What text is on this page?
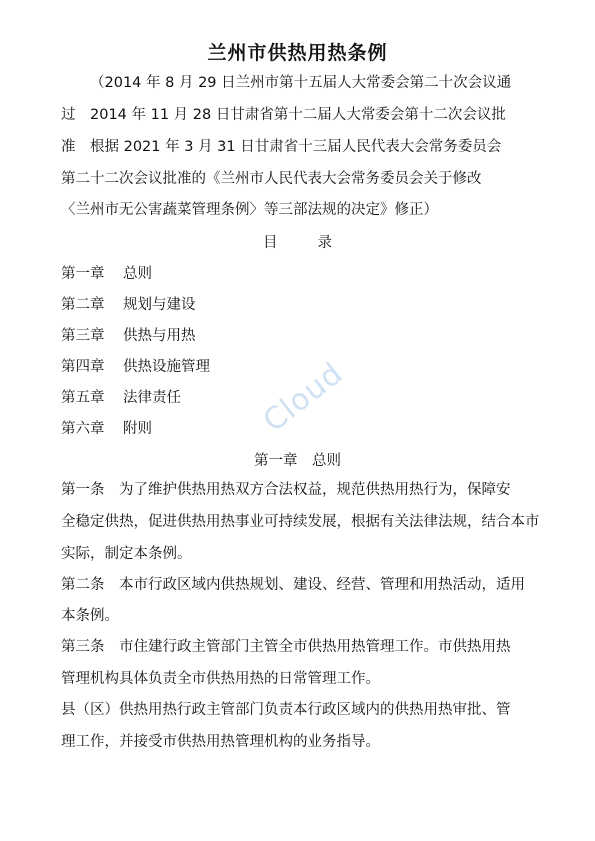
兰州市供热用热条例
（2014 年 8 月 29 日兰州市第十五届人大常委会第二十次会议通
过　2014 年 11 月 28 日甘肃省第十二届人大常委会第十二次会议批
准　根据 2021 年 3 月 31 日甘肃省十三届人民代表大会常务委员会
第二十二次会议批准的《兰州市人民代表大会常务委员会关于修改
〈兰州市无公害蔬菜管理条例〉等三部法规的决定》修正）
目	录
第一章 总则
第二章 规划与建设
第三章 供热与用热
第四章 供热设施管理
第五章 法律责任
第六章 附则	Cloud
第一章　总则
第一条　为了维护供热用热双方合法权益，规范供热用热行为，保障安
全稳定供热，促进供热用热事业可持续发展，根据有关法律法规，结合本市
实际，制定本条例。
第二条　本市行政区域内供热规划、建设、经营、管理和用热活动，适用
本条例。
第三条　市住建行政主管部门主管全市供热用热管理工作。市供热用热
管理机构具体负责全市供热用热的日常管理工作。
县（区）供热用热行政主管部门负责本行政区域内的供热用热审批、管
理工作，并接受市供热用热管理机构的业务指导。
